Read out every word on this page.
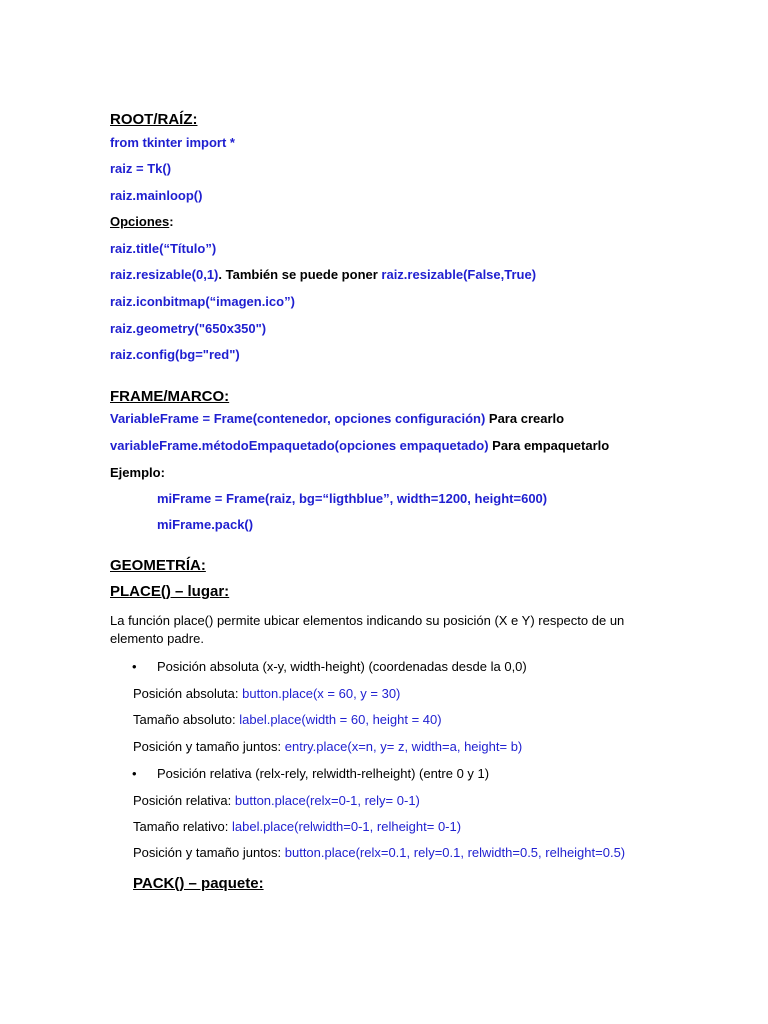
ROOT/RAÍZ:
from tkinter import *
raiz = Tk()
raiz.mainloop()
Opciones:
raiz.title(“Título”)
raiz.resizable(0,1). También se puede poner raiz.resizable(False,True)
raiz.iconbitmap(“imagen.ico”)
raiz.geometry("650x350")
raiz.config(bg="red")
FRAME/MARCO:
VariableFrame = Frame(contenedor, opciones configuración) Para crearlo
variableFrame.métodoEmpaquetado(opciones empaquetado) Para empaquetarlo
Ejemplo:
miFrame = Frame(raiz, bg=“ligthblue”, width=1200, height=600)
miFrame.pack()
GEOMETRÍA:
PLACE() – lugar:
La función place() permite ubicar elementos indicando su posición (X e Y) respecto de un
elemento padre.
• Posición absoluta (x-y, width-height) (coordenadas desde la 0,0)
Posición absoluta: button.place(x = 60, y = 30)
Tamaño absoluto: label.place(width = 60, height = 40)
Posición y tamaño juntos: entry.place(x=n, y= z, width=a, height= b)
• Posición relativa (relx-rely, relwidth-relheight) (entre 0 y 1)
Posición relativa: button.place(relx=0-1, rely= 0-1)
Tamaño relativo: label.place(relwidth=0-1, relheight= 0-1)
Posición y tamaño juntos: button.place(relx=0.1, rely=0.1, relwidth=0.5, relheight=0.5)
PACK() – paquete:
